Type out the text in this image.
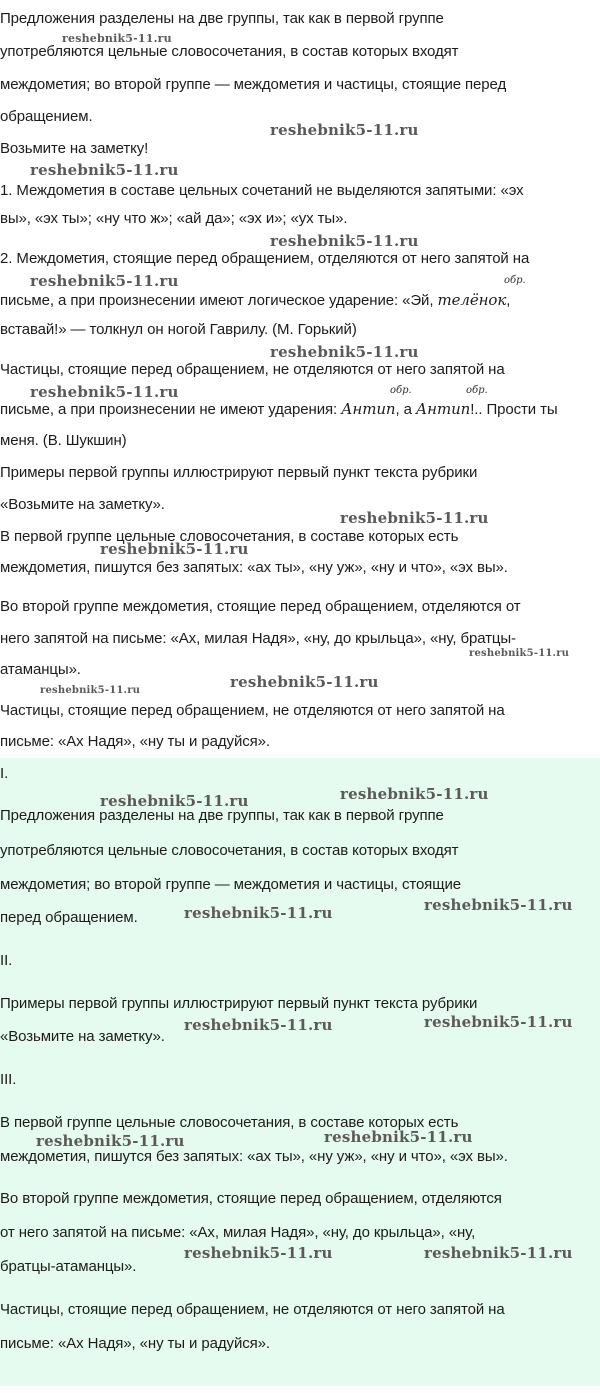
Предложения разделены на две группы, так как в первой группе

употребляются цельные словосочетания, в состав которых входят

междометия; во второй группе — междометия и частицы, стоящие перед

обращением.

Возьмите на заметку!

1. Междометия в составе цельных сочетаний не выделяются запятыми: «эх

вы», «эх ты»; «ну что ж»; «ай да»; «эх и»; «ух ты».

2. Междометия, стоящие перед обращением, отделяются от него запятой на

письме, а при произнесении имеют логическое ударение: «Эй, телёнок,

обр.

вставай!» — толкнул он ногой Гаврилу. (М. Горький)

Частицы, стоящие перед обращением, не отделяются от него запятой на

письме, а при произнесении не имеют ударения: Антип, а Антип!.. Прости ты

обр.	обр.

меня. (В. Шукшин)

Примеры первой группы иллюстрируют первый пункт текста рубрики

«Возьмите на заметку».

В первой группе цельные словосочетания, в составе которых есть

междометия, пишутся без запятых: «ах ты», «ну уж», «ну и что», «эх вы».

Во второй группе междометия, стоящие перед обращением, отделяются от

него запятой на письме: «Ах, милая Надя», «ну, до крыльца», «ну, братцы-

атаманцы».

Частицы, стоящие перед обращением, не отделяются от него запятой на

письме: «Ах Надя», «ну ты и радуйся».

I.

Предложения разделены на две группы, так как в первой группе

употребляются цельные словосочетания, в состав которых входят

междометия; во второй группе — междометия и частицы, стоящие

перед обращением.

II.

Примеры первой группы иллюстрируют первый пункт текста рубрики

«Возьмите на заметку».

III.

В первой группе цельные словосочетания, в составе которых есть

междометия, пишутся без запятых: «ах ты», «ну уж», «ну и что», «эх вы».

Во второй группе междометия, стоящие перед обращением, отделяются

от него запятой на письме: «Ах, милая Надя», «ну, до крыльца», «ну,

братцы-атаманцы».

Частицы, стоящие перед обращением, не отделяются от него запятой на

письме: «Ах Надя», «ну ты и радуйся».

reshebnik5-11.ru
reshebnik5-11.ru
reshebnik5-11.ru
reshebnik5-11.ru
reshebnik5-11.ru
reshebnik5-11.ru
reshebnik5-11.ru
reshebnik5-11.ru
reshebnik5-11.ru
reshebnik5-11.ru
reshebnik5-11.ru
reshebnik5-11.ru
reshebnik5-11.ru
reshebnik5-11.ru
reshebnik5-11.ru
reshebnik5-11.ru
reshebnik5-11.ru
reshebnik5-11.ru
reshebnik5-11.ru
reshebnik5-11.ru
reshebnik5-11.ru	reshebnik5-11.ru
